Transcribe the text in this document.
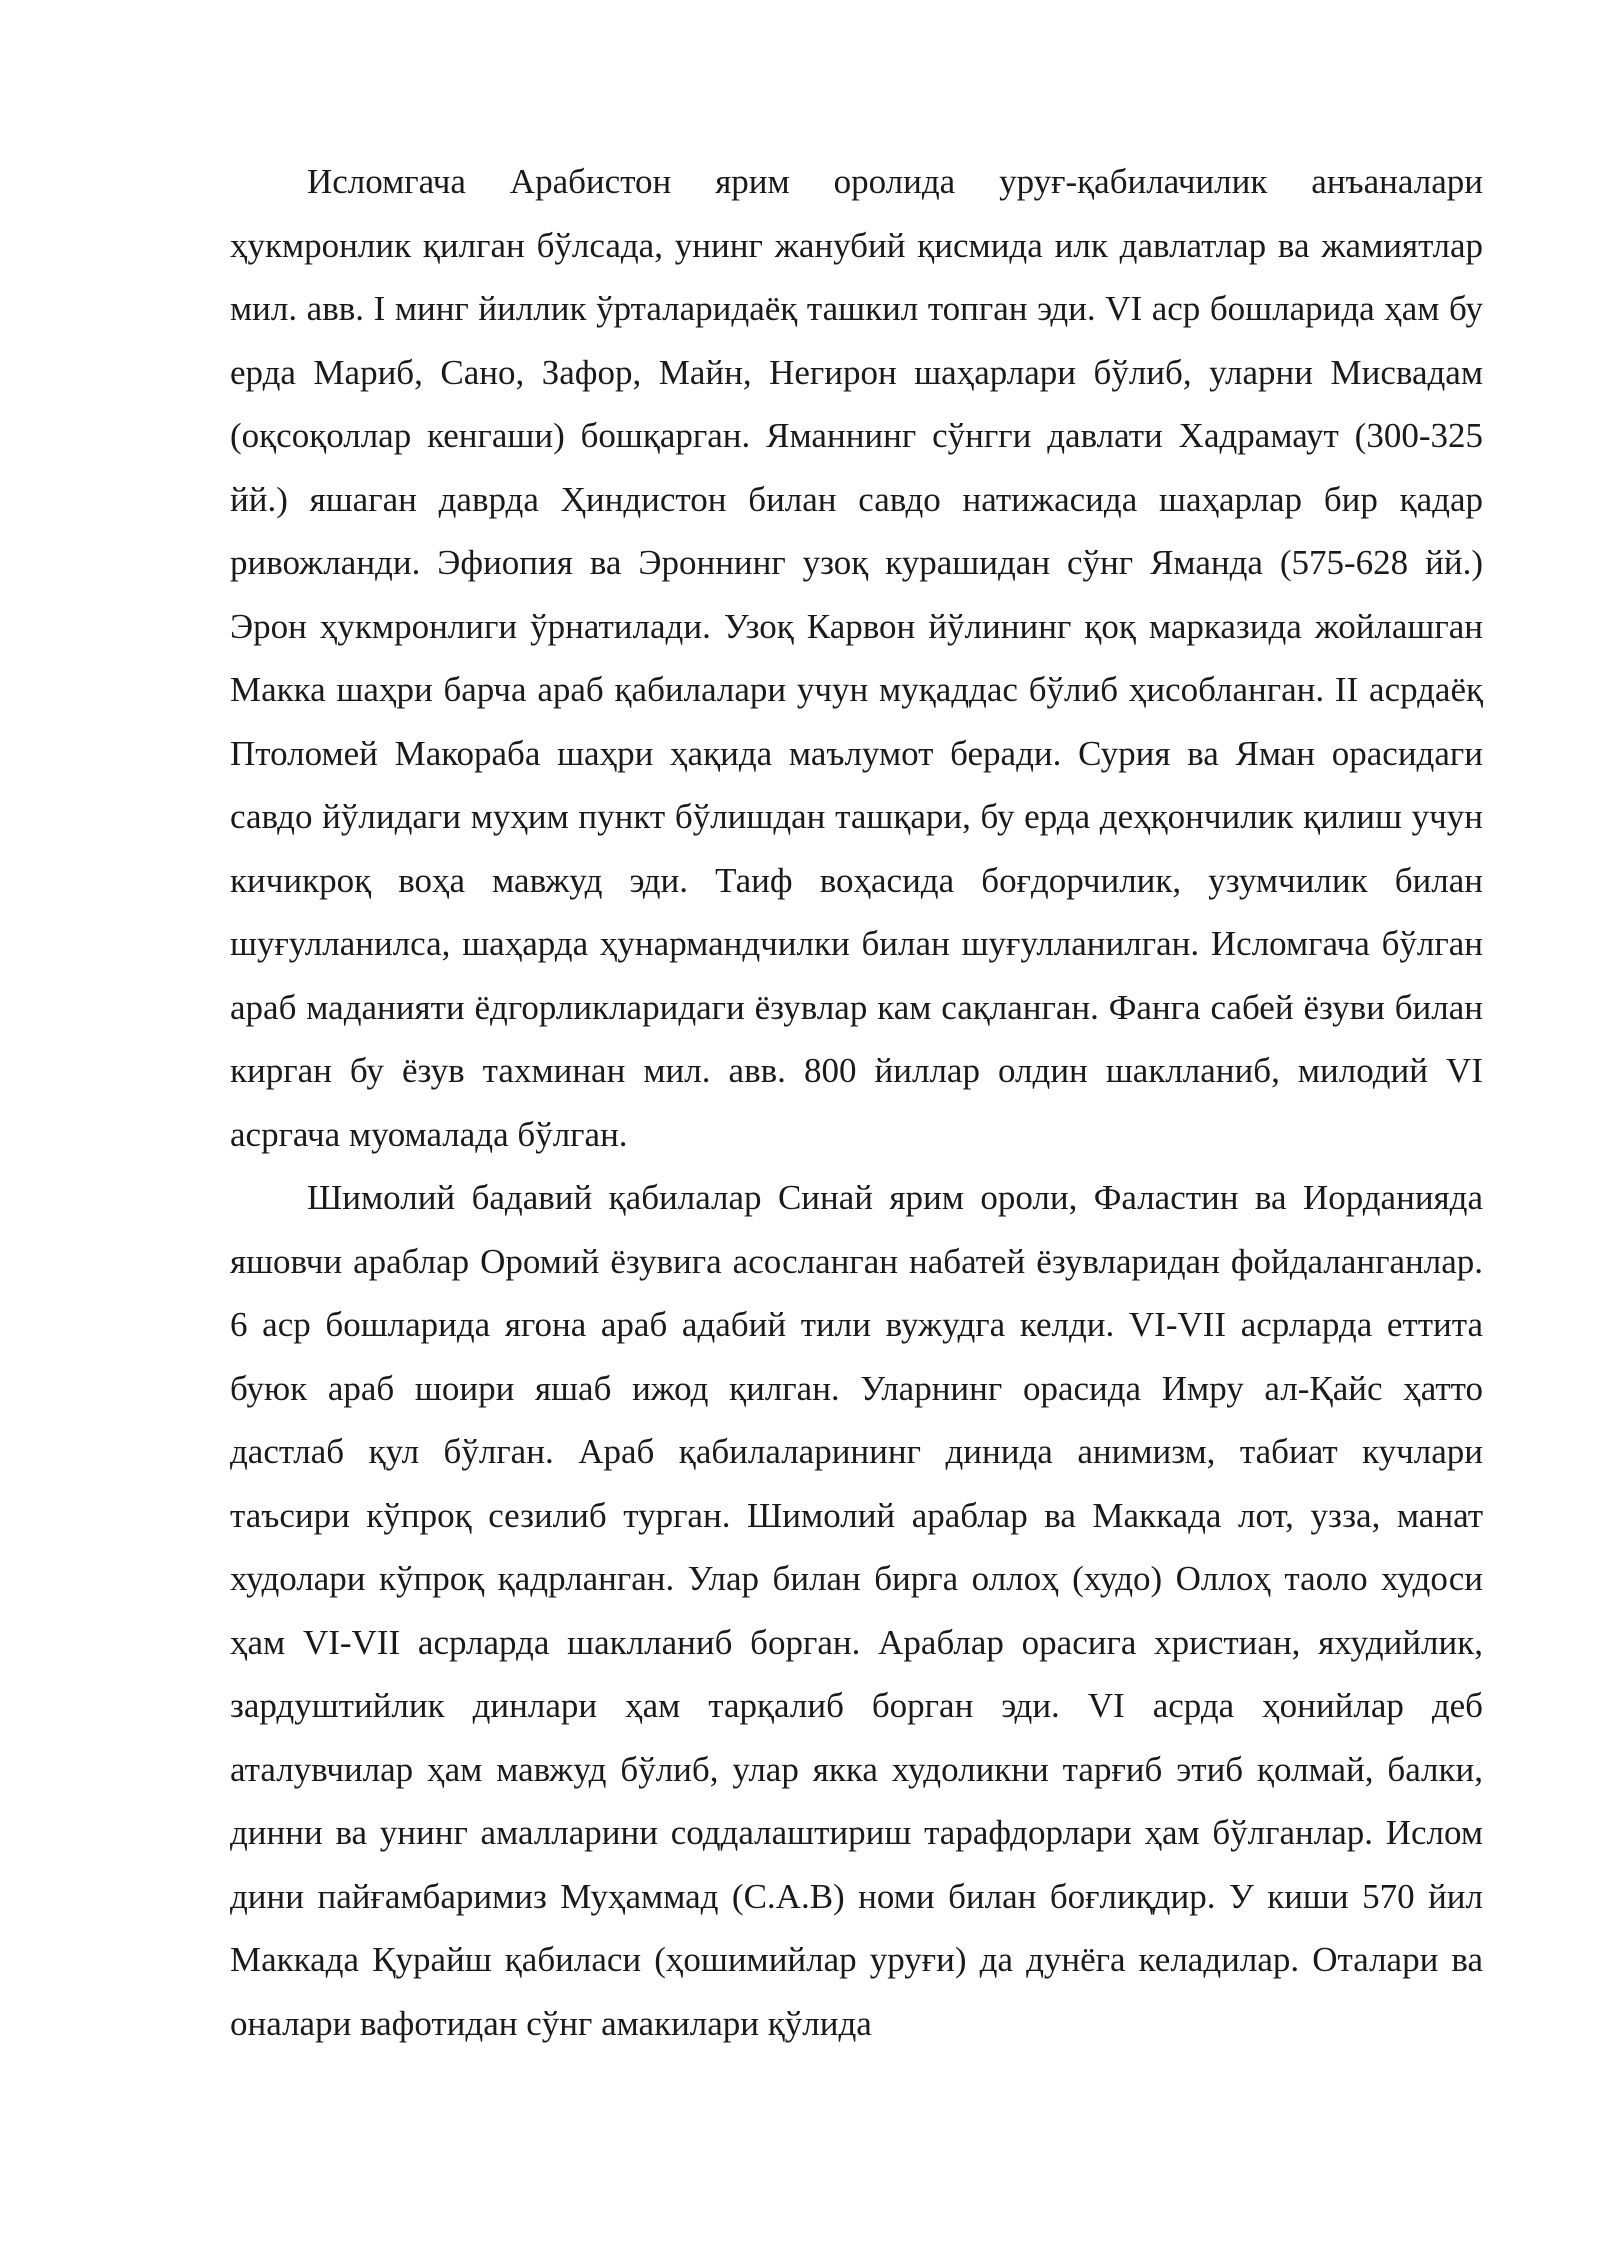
Исломгача Арабистон ярим оролида уруғ-қабилачилик анъаналари ҳукмронлик қилган бўлсада, унинг жанубий қисмида илк давлатлар ва жамиятлар мил. авв. I минг йиллик ўрталаридаёқ ташкил топган эди. VI аср бошларида ҳам бу ерда Мариб, Сано, Зафор, Майн, Негирон шаҳарлари бўлиб, уларни Мисвадам (оқсоқоллар кенгаши) бошқарган. Яманнинг сўнгги давлати Хадрамаут (300-325 йй.) яшаган даврда Ҳиндистон билан савдо натижасида шаҳарлар бир қадар ривожланди. Эфиопия ва Эроннинг узоқ курашидан сўнг Яманда (575-628 йй.) Эрон ҳукмронлиги ўрнатилади. Узоқ Карвон йўлининг қоқ марказида жойлашган Макка шаҳри барча араб қабилалари учун муқаддас бўлиб ҳисобланган. II асрдаёқ Птоломей Макораба шаҳри ҳақида маълумот беради. Сурия ва Яман орасидаги савдо йўлидаги муҳим пункт бўлишдан ташқари, бу ерда деҳқончилик қилиш учун кичикроқ воҳа мавжуд эди. Таиф воҳасида боғдорчилик, узумчилик билан шуғулланилса, шаҳарда ҳунармандчилки билан шуғулланилган. Исломгача бўлган араб маданияти ёдгорликларидаги ёзувлар кам сақланган. Фанга сабей ёзуви билан кирган бу ёзув тахминан мил. авв. 800 йиллар олдин шаклланиб, милодий VI асргача муомалада бўлган.

Шимолий бадавий қабилалар Синай ярим ороли, Фаластин ва Иорданияда яшовчи араблар Оромий ёзувига асосланган набатей ёзувларидан фойдаланганлар. 6 аср бошларида ягона араб адабий тили вужудга келди. VI-VII асрларда еттита буюк араб шоири яшаб ижод қилган. Уларнинг орасида Имру ал-Қайс ҳатто дастлаб қул бўлган. Араб қабилаларининг динида анимизм, табиат кучлари таъсири кўпроқ сезилиб турган. Шимолий араблар ва Маккада лот, узза, манат худолари кўпроқ қадрланган. Улар билан бирга оллоҳ (худо) Оллоҳ таоло худоси ҳам VI-VII асрларда шаклланиб борган. Араблар орасига христиан, яхудийлик, зардуштийлик динлари ҳам тарқалиб борган эди. VI асрда ҳонийлар деб аталувчилар ҳам мавжуд бўлиб, улар якка худоликни тарғиб этиб қолмай, балки, динни ва унинг амалларини соддалаштириш тарафдорлари ҳам бўлганлар. Ислом дини пайғамбаримиз Муҳаммад (С.А.В) номи билан боғлиқдир. У киши 570 йил Маккада Қурайш қабиласи (ҳошимийлар уруғи) да дунёга келадилар. Оталари ва оналари вафотидан сўнг амакилари қўлида
